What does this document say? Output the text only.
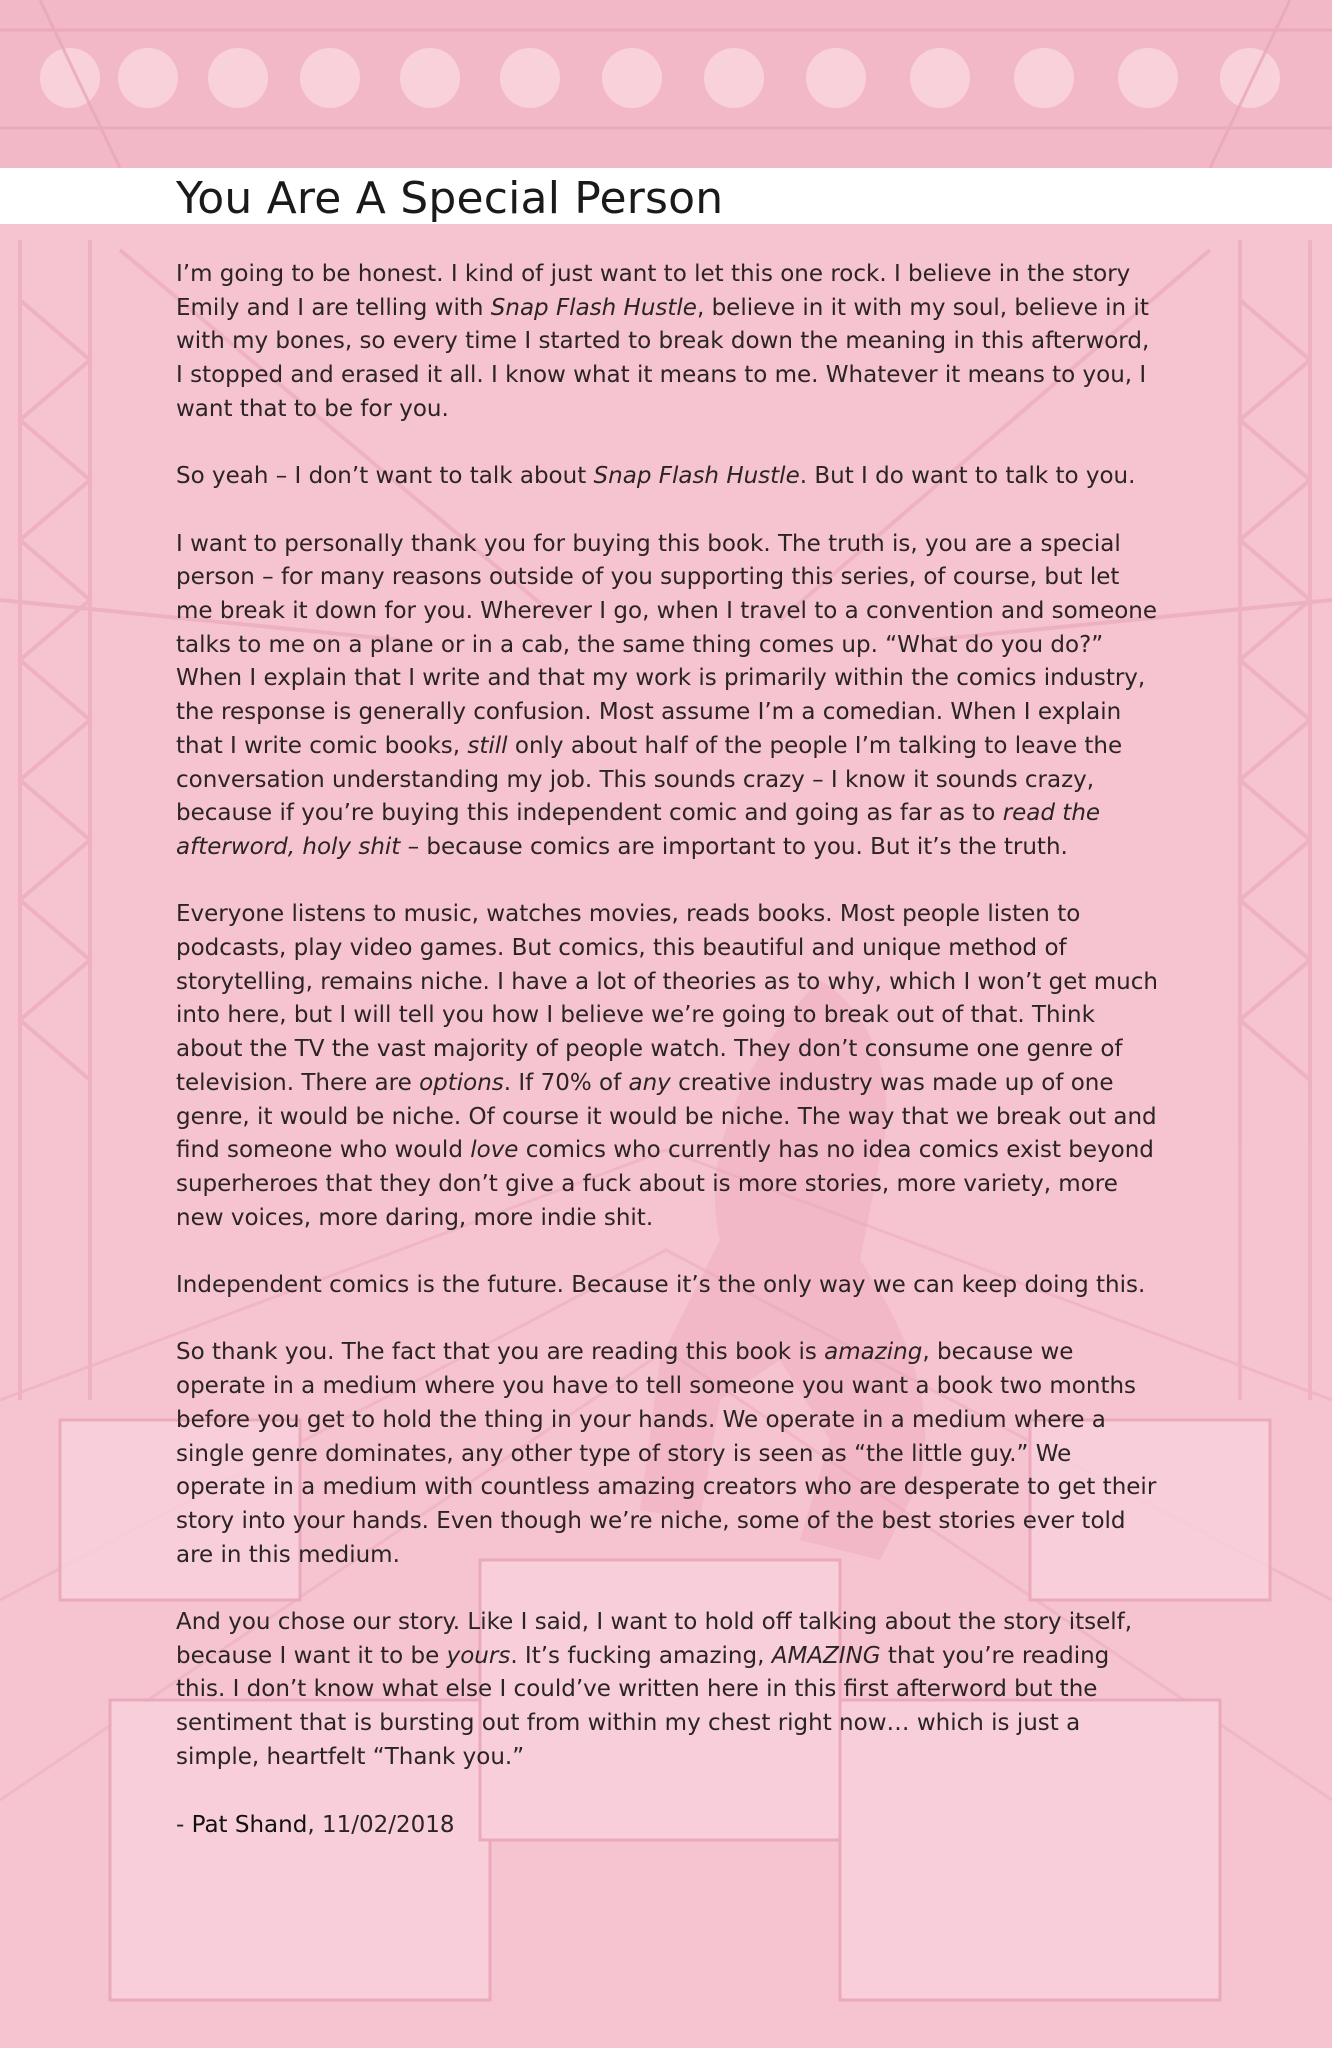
You Are A Special Person

I’m going to be honest. I kind of just want to let this one rock. I believe in the story Emily and I are telling with Snap Flash Hustle, believe in it with my soul, believe in it with my bones, so every time I started to break down the meaning in this afterword, I stopped and erased it all. I know what it means to me. Whatever it means to you, I want that to be for you.

So yeah – I don’t want to talk about Snap Flash Hustle. But I do want to talk to you.

I want to personally thank you for buying this book. The truth is, you are a special person – for many reasons outside of you supporting this series, of course, but let me break it down for you. Wherever I go, when I travel to a convention and someone talks to me on a plane or in a cab, the same thing comes up. “What do you do?” When I explain that I write and that my work is primarily within the comics industry, the response is generally confusion. Most assume I’m a comedian. When I explain that I write comic books, still only about half of the people I’m talking to leave the conversation understanding my job. This sounds crazy – I know it sounds crazy, because if you’re buying this independent comic and going as far as to read the afterword, holy shit – because comics are important to you. But it’s the truth.

Everyone listens to music, watches movies, reads books. Most people listen to podcasts, play video games. But comics, this beautiful and unique method of storytelling, remains niche. I have a lot of theories as to why, which I won’t get much into here, but I will tell you how I believe we’re going to break out of that. Think about the TV the vast majority of people watch. They don’t consume one genre of television. There are options. If 70% of any creative industry was made up of one genre, it would be niche. Of course it would be niche. The way that we break out and find someone who would love comics who currently has no idea comics exist beyond superheroes that they don’t give a fuck about is more stories, more variety, more new voices, more daring, more indie shit.

Independent comics is the future. Because it’s the only way we can keep doing this.

So thank you. The fact that you are reading this book is amazing, because we operate in a medium where you have to tell someone you want a book two months before you get to hold the thing in your hands. We operate in a medium where a single genre dominates, any other type of story is seen as “the little guy.” We operate in a medium with countless amazing creators who are desperate to get their story into your hands. Even though we’re niche, some of the best stories ever told are in this medium.

And you chose our story. Like I said, I want to hold off talking about the story itself, because I want it to be yours. It’s fucking amazing, AMAZING that you’re reading this. I don’t know what else I could’ve written here in this first afterword but the sentiment that is bursting out from within my chest right now… which is just a simple, heartfelt “Thank you.”

- Pat Shand, 11/02/2018
